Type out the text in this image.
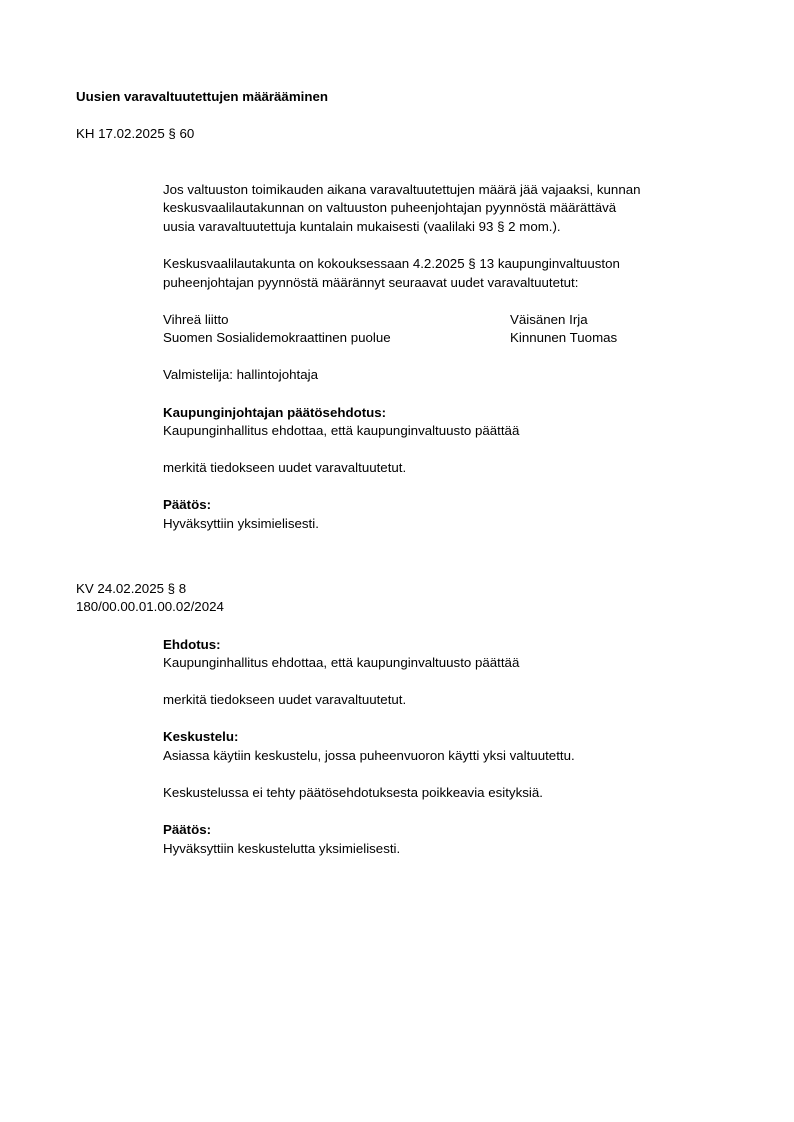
Uusien varavaltuutettujen määrääminen
KH 17.02.2025 § 60
Jos valtuuston toimikauden aikana varavaltuutettujen määrä jää vajaaksi, kunnan
keskusvaalilautakunnan on valtuuston puheenjohtajan pyynnöstä määrättävä
uusia varavaltuutettuja kuntalain mukaisesti (vaalilaki 93 § 2 mom.).
Keskusvaalilautakunta on kokouksessaan 4.2.2025 § 13 kaupunginvaltuuston
puheenjohtajan pyynnöstä määrännyt seuraavat uudet varavaltuutetut:
Vihreä liitto	Väisänen Irja
Suomen Sosialidemokraattinen puolue	Kinnunen Tuomas
Valmistelija: hallintojohtaja
Kaupunginjohtajan päätösehdotus:
Kaupunginhallitus ehdottaa, että kaupunginvaltuusto päättää
merkitä tiedokseen uudet varavaltuutetut.
Päätös:
Hyväksyttiin yksimielisesti.
KV 24.02.2025 § 8
180/00.00.01.00.02/2024
Ehdotus:
Kaupunginhallitus ehdottaa, että kaupunginvaltuusto päättää
merkitä tiedokseen uudet varavaltuutetut.
Keskustelu:
Asiassa käytiin keskustelu, jossa puheenvuoron käytti yksi valtuutettu.
Keskustelussa ei tehty päätösehdotuksesta poikkeavia esityksiä.
Päätös:
Hyväksyttiin keskustelutta yksimielisesti.
